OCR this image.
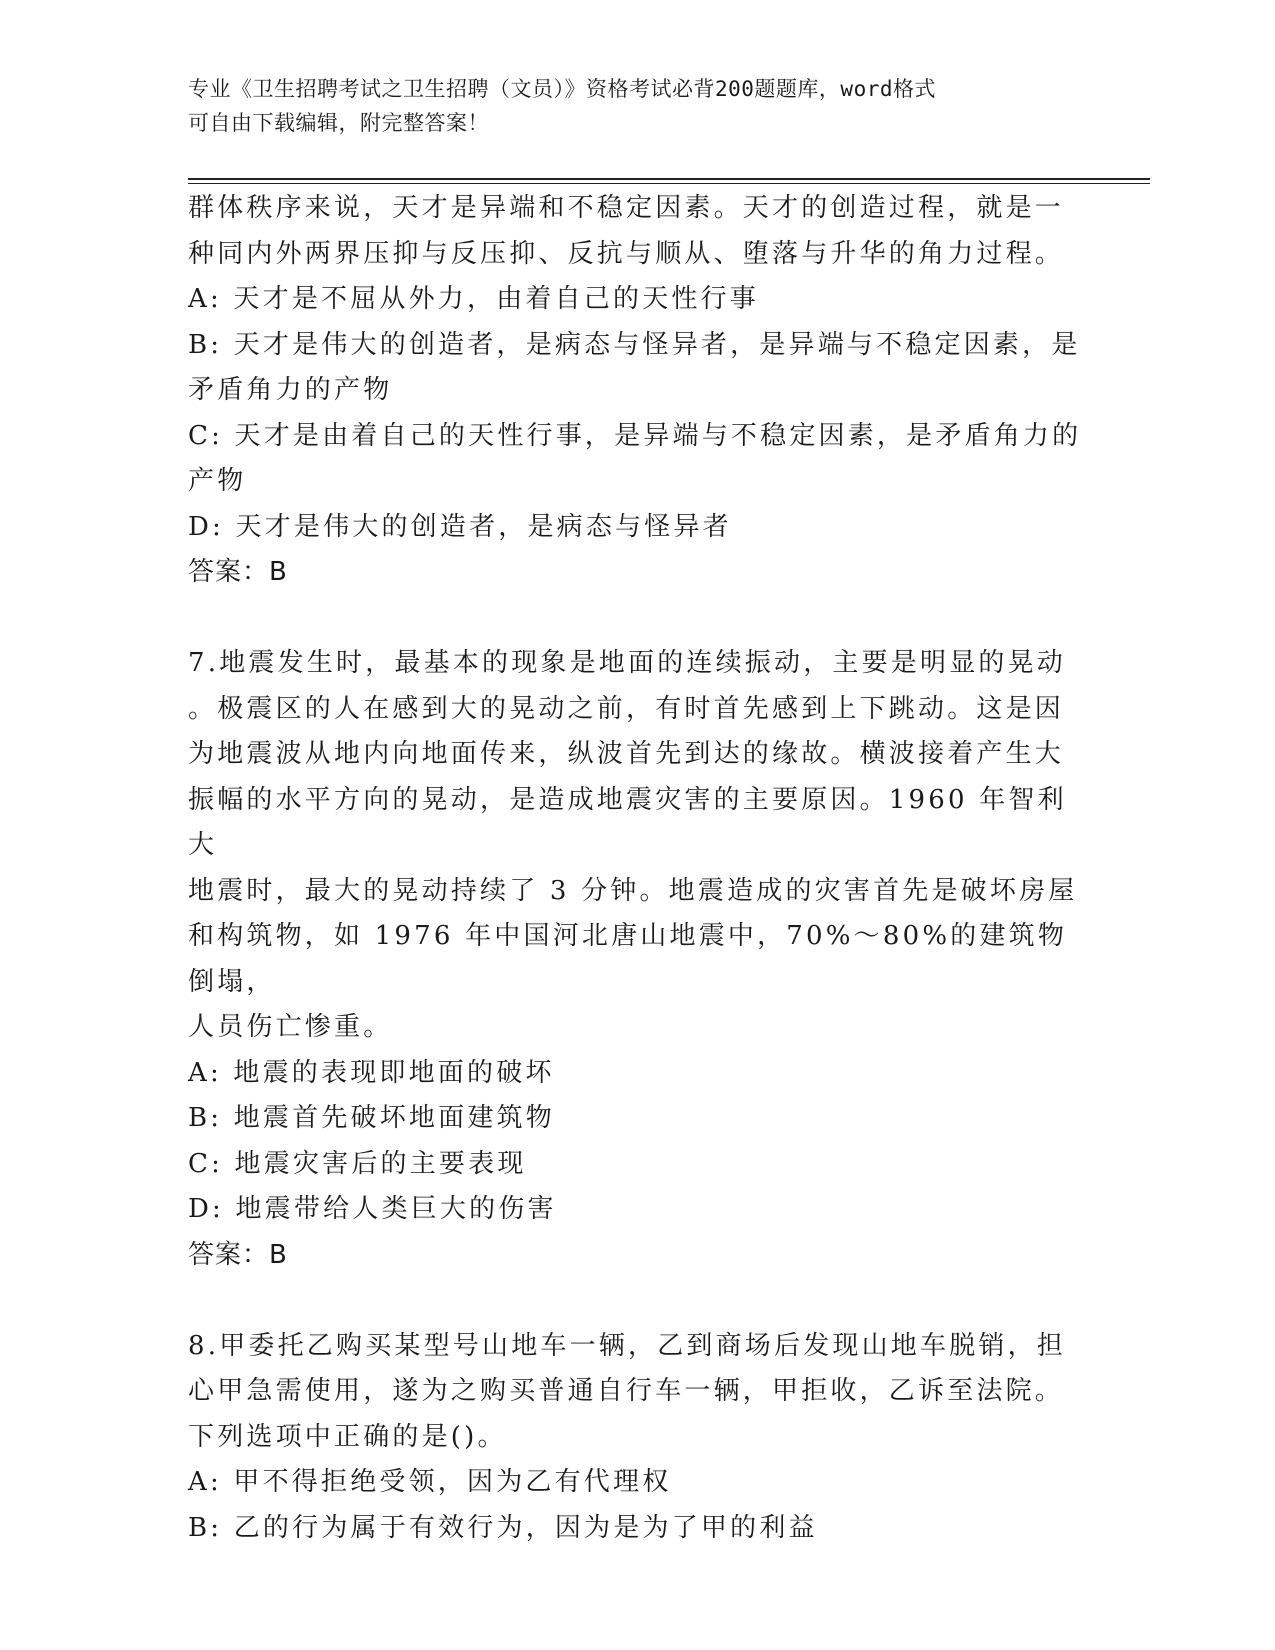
专业《卫生招聘考试之卫生招聘（文员）》资格考试必背200题题库，word格式
可自由下载编辑，附完整答案！

群体秩序来说，天才是异端和不稳定因素。天才的创造过程，就是一

种同内外两界压抑与反压抑、反抗与顺从、堕落与升华的角力过程。

A: 天才是不屈从外力，由着自己的天性行事

B: 天才是伟大的创造者，是病态与怪异者，是异端与不稳定因素，是

矛盾角力的产物

C: 天才是由着自己的天性行事，是异端与不稳定因素，是矛盾角力的

产物

D: 天才是伟大的创造者，是病态与怪异者

答案：B

7.地震发生时，最基本的现象是地面的连续振动，主要是明显的晃动

。极震区的人在感到大的晃动之前，有时首先感到上下跳动。这是因

为地震波从地内向地面传来，纵波首先到达的缘故。横波接着产生大

振幅的水平方向的晃动，是造成地震灾害的主要原因。1960 年智利大

地震时，最大的晃动持续了 3 分钟。地震造成的灾害首先是破坏房屋

和构筑物，如 1976 年中国河北唐山地震中，70%～80%的建筑物倒塌，

人员伤亡惨重。

A: 地震的表现即地面的破坏

B: 地震首先破坏地面建筑物

C: 地震灾害后的主要表现

D: 地震带给人类巨大的伤害

答案：B

8.甲委托乙购买某型号山地车一辆，乙到商场后发现山地车脱销，担

心甲急需使用，遂为之购买普通自行车一辆，甲拒收，乙诉至法院。

下列选项中正确的是()。

A: 甲不得拒绝受领，因为乙有代理权

B: 乙的行为属于有效行为，因为是为了甲的利益
